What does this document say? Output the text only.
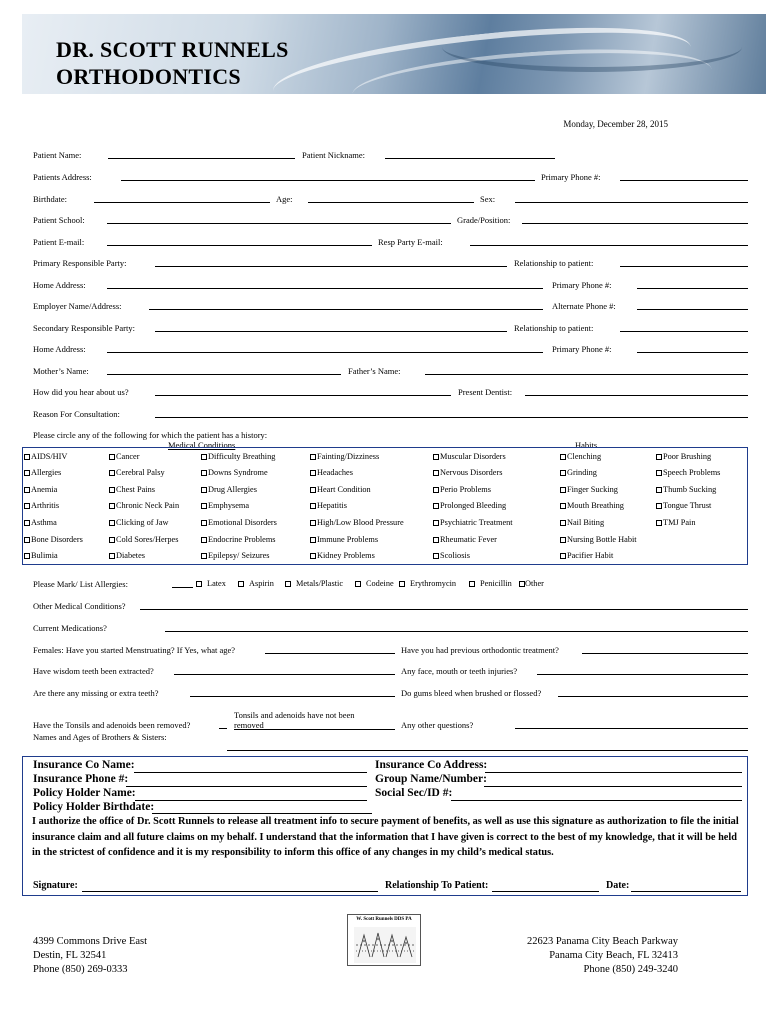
DR. SCOTT RUNNELS
ORTHODONTICS
Monday, December 28, 2015
Patient Name:	Patient Nickname:
Patients Address:	Primary Phone #:
Birthdate:	Age:	Sex:
Patient School:	Grade/Position:
Patient E-mail:	Resp Party E-mail:
Primary Responsible Party:	Relationship to patient:
Home Address:	Primary Phone #:
Employer Name/Address:	Alternate Phone #:
Secondary Responsible Party:	Relationship to patient:
Home Address:	Primary Phone #:
Mother’s Name:	Father’s Name:
How did you hear about us?	Present Dentist:
Reason For Consultation:
Please circle any of the following for which the patient has a history:
Medical Conditions	Habits
AIDS/HIV	Cancer	Difficulty Breathing	Fainting/Dizziness	Muscular Disorders	Clenching	Poor Brushing
Allergies	Cerebral Palsy	Downs Syndrome	Headaches	Nervous Disorders	Grinding	Speech Problems
Anemia	Chest Pains	Drug Allergies	Heart Condition	Perio Problems	Finger Sucking	Thumb Sucking
Arthritis	Chronic Neck Pain	Emphysema	Hepatitis	Prolonged Bleeding	Mouth Breathing	Tongue Thrust
Asthma	Clicking of Jaw	Emotional Disorders	High/Low Blood Pressure	Psychiatric Treatment	Nail Biting	TMJ Pain
Bone Disorders	Cold Sores/Herpes	Endocrine Problems	Immune Problems	Rheumatic Fever	Nursing Bottle Habit
Bulimia	Diabetes	Epilepsy/ Seizures	Kidney Problems	Scoliosis	Pacifier Habit
Please Mark/ List Allergies:	Latex	Aspirin	Metals/Plastic	Codeine Erythromycin	Penicillin Other
Other Medical Conditions?
Current Medications?
Females: Have you started Menstruating? If Yes, what age?	Have you had previous orthodontic treatment?
Have wisdom teeth been extracted?	Any face, mouth or teeth injuries?
Are there any missing or extra teeth?	Do gums bleed when brushed or flossed?
Tonsils and adenoids have not been
removed
Have the Tonsils and adenoids been removed?	Any other questions?
Names and Ages of Brothers & Sisters:
Insurance Co Name:	Insurance Co Address:
Insurance Phone #:	Group Name/Number:
Policy Holder Name:	Social Sec/ID #:
Policy Holder Birthdate:
I authorize the office of Dr. Scott Runnels to release all treatment info to secure payment of benefits, as well as use this signature as authorization to file the initial insurance claim and all future claims on my behalf. I understand that the information that I have given is correct to the best of my knowledge, that it will be held in the strictest of confidence and it is my responsibility to inform this office of any changes in my child’s medical status.
Signature:	Relationship To Patient:	Date:
4399 Commons Drive East
Destin, FL 32541
Phone (850) 269-0333
W. Scott Runnels DDS PA
22623 Panama City Beach Parkway
Panama City Beach, FL 32413
Phone (850) 249-3240
